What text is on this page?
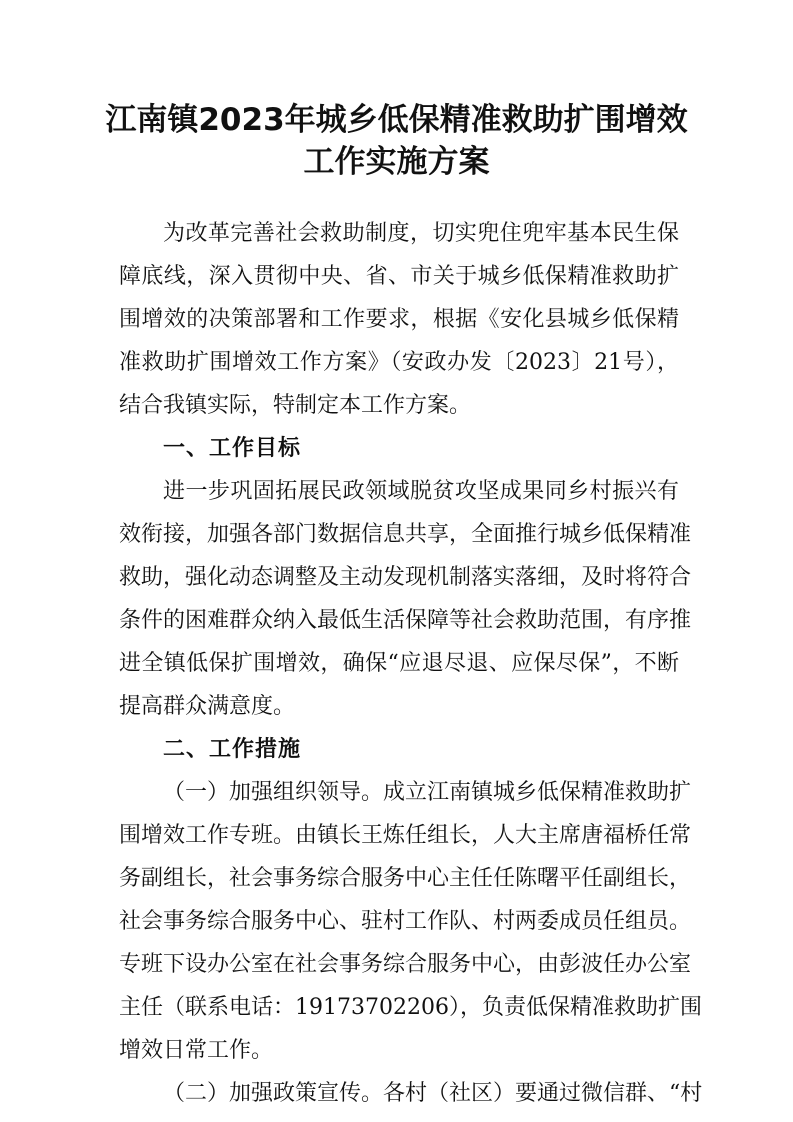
江南镇2023年城乡低保精准救助扩围增效
工作实施方案
为改革完善社会救助制度，切实兜住兜牢基本民生保
障底线，深入贯彻中央、省、市关于城乡低保精准救助扩
围增效的决策部署和工作要求，根据《安化县城乡低保精
准救助扩围增效工作方案》（安政办发〔2023〕21号），
结合我镇实际，特制定本工作方案。
一、工作目标
进一步巩固拓展民政领域脱贫攻坚成果同乡村振兴有
效衔接，加强各部门数据信息共享，全面推行城乡低保精准
救助，强化动态调整及主动发现机制落实落细，及时将符合
条件的困难群众纳入最低生活保障等社会救助范围，有序推
进全镇低保扩围增效，确保“应退尽退、应保尽保”，不断
提高群众满意度。
二、工作措施
（一）加强组织领导。成立江南镇城乡低保精准救助扩
围增效工作专班。由镇长王炼任组长，人大主席唐福桥任常
务副组长，社会事务综合服务中心主任任陈曙平任副组长，
社会事务综合服务中心、驻村工作队、村两委成员任组员。
专班下设办公室在社会事务综合服务中心，由彭波任办公室
主任（联系电话：19173702206），负责低保精准救助扩围
增效日常工作。
（二）加强政策宣传。各村（社区）要通过微信群、“村
